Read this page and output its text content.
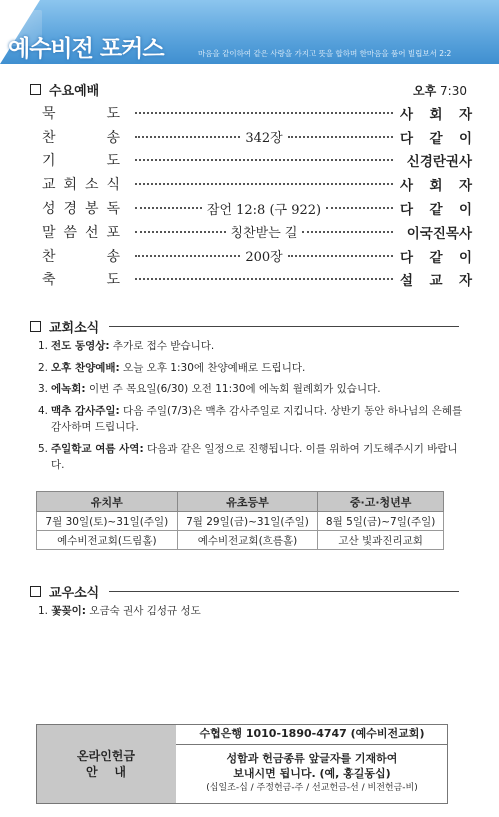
예수비전 포커스	마음을 같이하여 같은 사랑을 가지고 뜻을 합하며 한마음을 품어 빌립보서 2:2
수요예배	오후 7:30
묵	도	사 회 자
찬	송	342장	다 같 이
기	도	신 경 란 권 사
교 회 소 식	사 회 자
성 경 봉 독	잠언 12:8 (구 922)	다 같 이
말 씀 선 포	칭찬받는 길	이 국 진 목 사
찬	송	200장	다 같 이
축	도	설 교 자
교회소식
1. 전도 동영상: 추가로 접수 받습니다.
2. 오후 찬양예배: 오늘 오후 1:30에 찬양예배로 드립니다.
3. 에녹회: 이번 주 목요일(6/30) 오전 11:30에 에녹회 월례회가 있습니다.
4. 맥추 감사주일: 다음 주일(7/3)은 맥추 감사주일로 지킵니다. 상반기 동안 하나님의 은혜를 감사하며 드립니다.
5. 주일학교 여름 사역: 다음과 같은 일정으로 진행됩니다. 이를 위하여 기도해주시기 바랍니다.
유치부	유초등부	중·고·청년부
7월 30일(토)~31일(주일)	7월 29일(금)~31일(주일)	8월 5일(금)~7일(주일)
예수비전교회(드림홀)	예수비전교회(흐름홀)	고산 빛과진리교회
교우소식
1. 꽃꽂이: 오금숙 권사 김성규 성도
온라인헌금
안    내
수협은행 1010-1890-4747 (예수비전교회)
성함과 헌금종류 앞글자를 기재하여
보내시면 됩니다. (예, 홍길동십)
(십일조-십 / 주정헌금-주 / 선교헌금-선 / 비전헌금-비)
